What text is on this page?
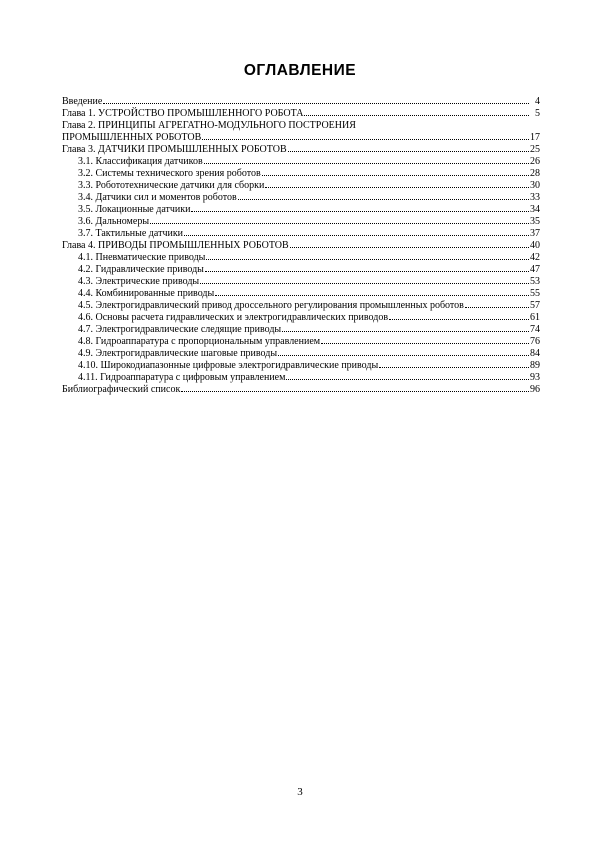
ОГЛАВЛЕНИЕ
Введение	4
Глава 1. УСТРОЙСТВО ПРОМЫШЛЕННОГО РОБОТА	5
Глава 2. ПРИНЦИПЫ АГРЕГАТНО-МОДУЛЬНОГО ПОСТРОЕНИЯ
ПРОМЫШЛЕННЫХ РОБОТОВ	17
Глава 3. ДАТЧИКИ ПРОМЫШЛЕННЫХ РОБОТОВ	25
3.1. Классификация датчиков	26
3.2. Системы технического зрения роботов	28
3.3. Робототехнические датчики для сборки	30
3.4. Датчики сил и моментов роботов	33
3.5. Локационные датчики	34
3.6. Дальномеры	35
3.7. Тактильные датчики	37
Глава 4. ПРИВОДЫ ПРОМЫШЛЕННЫХ РОБОТОВ	40
4.1. Пневматические приводы	42
4.2. Гидравлические приводы	47
4.3. Электрические приводы	53
4.4. Комбинированные приводы	55
4.5. Электрогидравлический привод дроссельного регулирования промышленных роботов	57
4.6. Основы расчета гидравлических и электрогидравлических приводов	61
4.7. Электрогидравлические следящие приводы	74
4.8. Гидроаппаратура с пропорциональным управлением	76
4.9. Электрогидравлические шаговые приводы	84
4.10. Широкодиапазонные цифровые электрогидравлические приводы	89
4.11. Гидроаппаратура с цифровым управлением	93
Библиографический список	96
3
